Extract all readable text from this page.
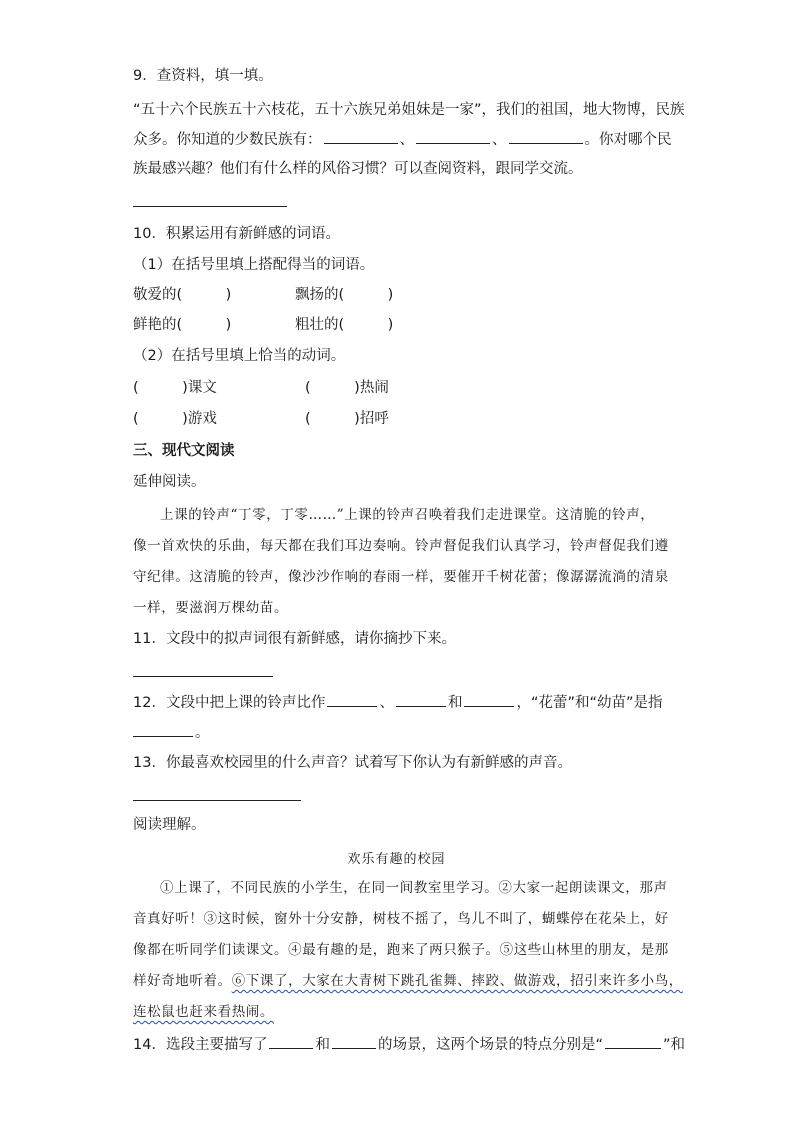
9．查资料，填一填。
“五十六个民族五十六枝花，五十六族兄弟姐妹是一家”，我们的祖国，地大物博，民族
众多。你知道的少数民族有：	、	、	。你对哪个民
族最感兴趣？他们有什么样的风俗习惯？可以查阅资料，跟同学交流。
10．积累运用有新鲜感的词语。
（1）在括号里填上搭配得当的词语。
敬爱的(　　　)	飘扬的(　　　)
鲜艳的(　　　)	粗壮的(　　　)
（2）在括号里填上恰当的动词。
(　　　)课文	(　　　)热闹
(　　　)游戏	(　　　)招呼
三、现代文阅读
延伸阅读。
上课的铃声“丁零，丁零……”上课的铃声召唤着我们走进课堂。这清脆的铃声，
像一首欢快的乐曲，每天都在我们耳边奏响。铃声督促我们认真学习，铃声督促我们遵
守纪律。这清脆的铃声，像沙沙作响的春雨一样，要催开千树花蕾；像潺潺流淌的清泉
一样，要滋润万棵幼苗。
11．文段中的拟声词很有新鲜感，请你摘抄下来。
12．文段中把上课的铃声比作	、	和	，“花蕾”和“幼苗”是指
。
13．你最喜欢校园里的什么声音？试着写下你认为有新鲜感的声音。
阅读理解。
欢乐有趣的校园
①上课了，不同民族的小学生，在同一间教室里学习。②大家一起朗读课文，那声
音真好听！③这时候，窗外十分安静，树枝不摇了，鸟儿不叫了，蝴蝶停在花朵上，好
像都在听同学们读课文。④最有趣的是，跑来了两只猴子。⑤这些山林里的朋友，是那
样好奇地听着。⑥下课了，大家在大青树下跳孔雀舞、摔跤、做游戏，招引来许多小鸟，
连松鼠也赶来看热闹。
14．选段主要描写了	和	的场景，这两个场景的特点分别是“	”和
